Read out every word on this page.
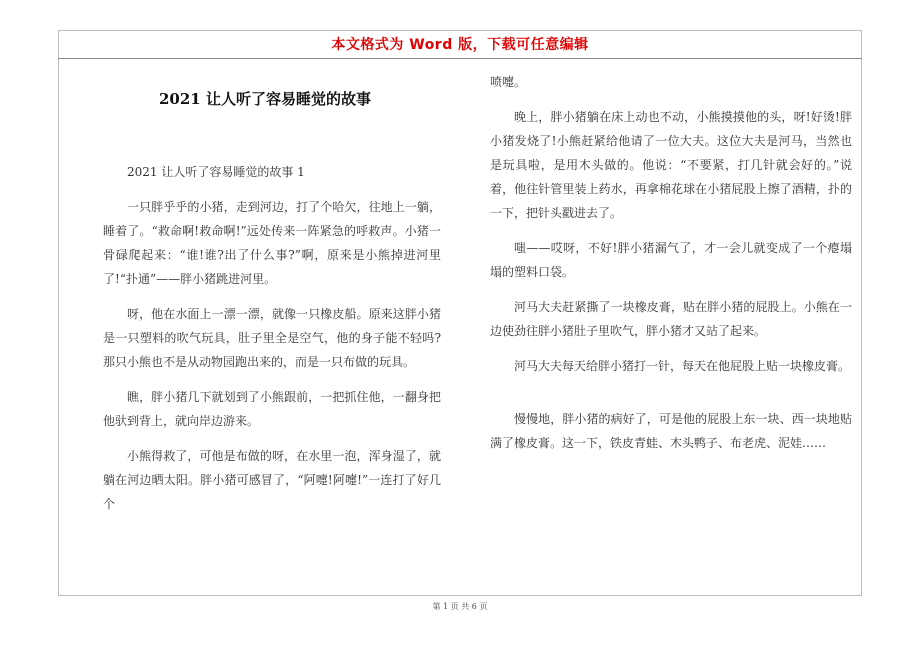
本文格式为 Word 版，下载可任意编辑
2021 让人听了容易睡觉的故事

2021 让人听了容易睡觉的故事 1

一只胖乎乎的小猪，走到河边，打了个哈欠，往地上一躺，睡着了。“救命啊!救命啊!”远处传来一阵紧急的呼救声。小猪一骨碌爬起来：“谁!谁?出了什么事?”啊，原来是小熊掉进河里了!“扑通”——胖小猪跳进河里。

呀，他在水面上一漂一漂，就像一只橡皮船。原来这胖小猪是一只塑料的吹气玩具，肚子里全是空气，他的身子能不轻吗?那只小熊也不是从动物园跑出来的，而是一只布做的玩具。

瞧，胖小猪几下就划到了小熊跟前，一把抓住他，一翻身把他驮到背上，就向岸边游来。

小熊得救了，可他是布做的呀，在水里一泡，浑身湿了，就躺在河边晒太阳。胖小猪可感冒了，“阿嚏!阿嚏!”一连打了好几个

喷嚏。

晚上，胖小猪躺在床上动也不动，小熊摸摸他的头，呀!好烫!胖小猪发烧了!小熊赶紧给他请了一位大夫。这位大夫是河马，当然也是玩具啦，是用木头做的。他说：“不要紧，打几针就会好的。”说着，他往针管里装上药水，再拿棉花球在小猪屁股上擦了酒精，扑的一下，把针头戳进去了。

嗤——哎呀，不好!胖小猪漏气了，才一会儿就变成了一个瘪塌塌的塑料口袋。

河马大夫赶紧撕了一块橡皮膏，贴在胖小猪的屁股上。小熊在一边使劲往胖小猪肚子里吹气，胖小猪才又站了起来。

河马大夫每天给胖小猪打一针，每天在他屁股上贴一块橡皮膏。

慢慢地，胖小猪的病好了，可是他的屁股上东一块、西一块地贴满了橡皮膏。这一下，铁皮青蛙、木头鸭子、布老虎、泥娃……

第 1 页 共 6 页
